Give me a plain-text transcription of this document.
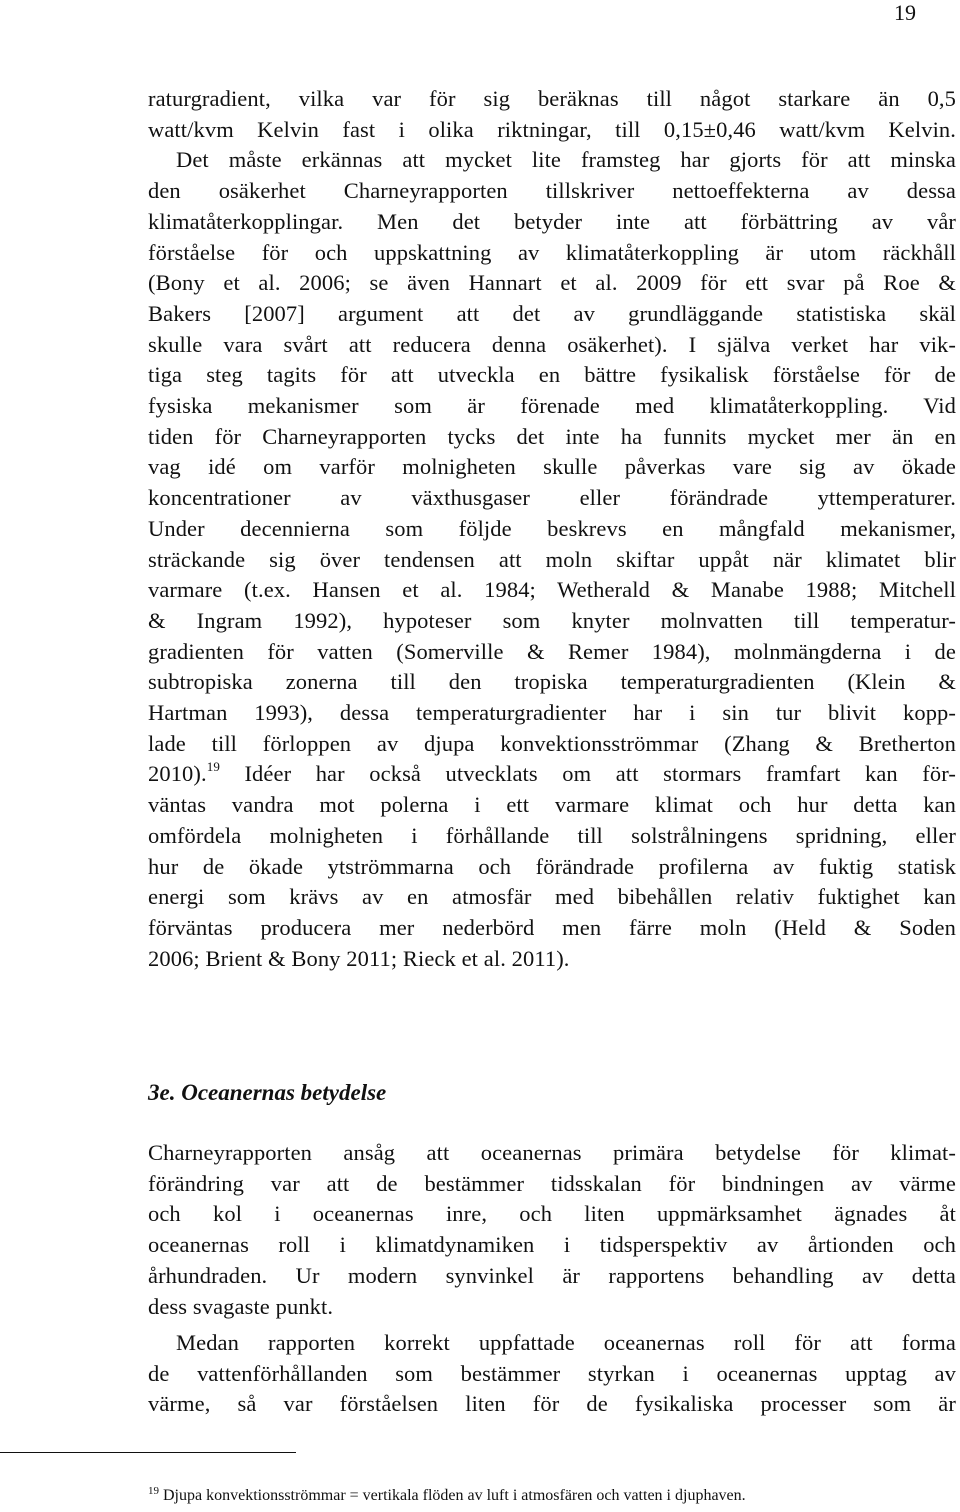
19
raturgradient, vilka var för sig beräknas till något starkare än 0,5
watt/kvm Kelvin fast i olika riktningar, till 0,15±0,46 watt/kvm Kelvin.
Det måste erkännas att mycket lite framsteg har gjorts för att minska
den osäkerhet Charneyrapporten tillskriver nettoeffekterna av dessa
klimatåterkopplingar. Men det betyder inte att förbättring av vår
förståelse för och uppskattning av klimatåterkoppling är utom räckhåll
(Bony et al. 2006; se även Hannart et al. 2009 för ett svar på Roe &
Bakers [2007] argument att det av grundläggande statistiska skäl
skulle vara svårt att reducera denna osäkerhet). I själva verket har vik-
tiga steg tagits för att utveckla en bättre fysikalisk förståelse för de
fysiska mekanismer som är förenade med klimatåterkoppling. Vid
tiden för Charneyrapporten tycks det inte ha funnits mycket mer än en
vag idé om varför molnigheten skulle påverkas vare sig av ökade
koncentrationer av växthusgaser eller förändrade yttemperaturer.
Under decennierna som följde beskrevs en mångfald mekanismer,
sträckande sig över tendensen att moln skiftar uppåt när klimatet blir
varmare (t.ex. Hansen et al. 1984; Wetherald & Manabe 1988; Mitchell
& Ingram 1992), hypoteser som knyter molnvatten till temperatur-
gradienten för vatten (Somerville & Remer 1984), molnmängderna i de
subtropiska zonerna till den tropiska temperaturgradienten (Klein &
Hartman 1993), dessa temperaturgradienter har i sin tur blivit kopp-
lade till förloppen av djupa konvektionsströmmar (Zhang & Bretherton
2010).$^{19}$ Idéer har också utvecklats om att stormars framfart kan för-
väntas vandra mot polerna i ett varmare klimat och hur detta kan
omfördela molnigheten i förhållande till solstrålningens spridning, eller
hur de ökade ytströmmarna och förändrade profilerna av fuktig statisk
energi som krävs av en atmosfär med bibehållen relativ fuktighet kan
förväntas producera mer nederbörd men färre moln (Held & Soden
2006; Brient & Bony 2011; Rieck et al. 2011).
3e. Oceanernas betydelse
Charneyrapporten ansåg att oceanernas primära betydelse för klimat-
förändring var att de bestämmer tidsskalan för bindningen av värme
och kol i oceanernas inre, och liten uppmärksamhet ägnades åt
oceanernas roll i klimatdynamiken i tidsperspektiv av årtionden och
århundraden. Ur modern synvinkel är rapportens behandling av detta
dess svagaste punkt.
Medan rapporten korrekt uppfattade oceanernas roll för att forma
de vattenförhållanden som bestämmer styrkan i oceanernas upptag av
värme, så var förståelsen liten för de fysikaliska processer som är
$^{19}$ Djupa konvektionsströmmar = vertikala flöden av luft i atmosfären och vatten i djuphaven.
